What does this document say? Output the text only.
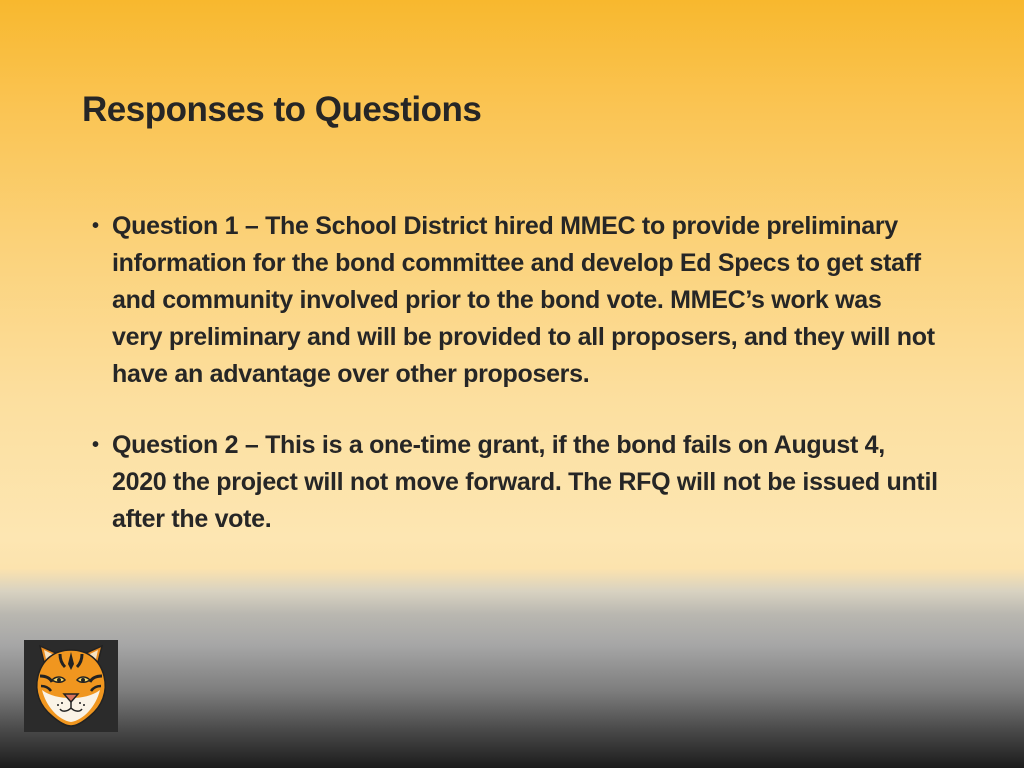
Responses to Questions
• Question 1 – The School District hired MMEC to provide preliminary information for the bond committee and develop Ed Specs to get staff and community involved prior to the bond vote. MMEC’s work was very preliminary and will be provided to all proposers, and they will not have an advantage over other proposers.
• Question 2 – This is a one-time grant, if the bond fails on August 4, 2020 the project will not move forward. The RFQ will not be issued until after the vote.
